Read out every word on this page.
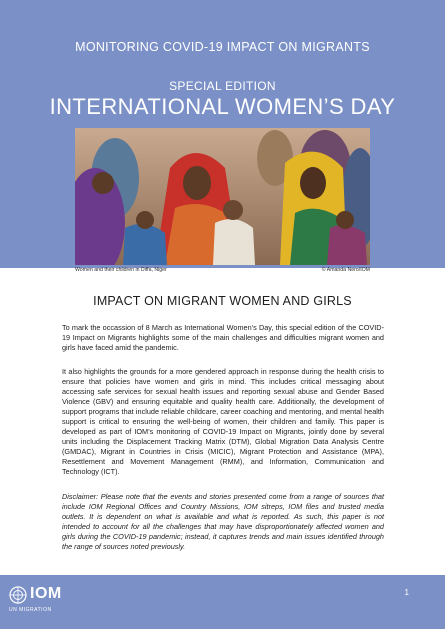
MONITORING COVID-19 IMPACT ON MIGRANTS
SPECIAL EDITION
INTERNATIONAL WOMEN’S DAY
Women and their children in Diffa, Niger	© Amanda Nero/IOM
IMPACT ON MIGRANT WOMEN AND GIRLS

To mark the occassion of 8 March as International Women’s Day, this special edition of the COVID-19 Impact on Migrants highlights some of the main challenges and difficulties migrant women and girls have faced amid the pandemic.

It also highlights the grounds for a more gendered approach in response during the health crisis to ensure that policies have women and girls in mind. This includes critical messaging about accessing safe services for sexual health issues and reporting sexual abuse and Gender Based Violence (GBV) and ensuring equitable and quality health care. Additionally, the development of support programs that include reliable childcare, career coaching and mentoring, and mental health support is critical to ensuring the well-being of women, their children and family. This paper is developed as part of IOM’s monitoring of COVID-19 Impact on Migrants, jointly done by several units including the Displacement Tracking Matrix (DTM), Global Migration Data Analysis Centre (GMDAC), Migrant in Countries in Crisis (MICIC), Migrant Protection and Assistance (MPA), Resettlement and Movement Management (RMM), and Information, Communication and Technology (ICT).

Disclaimer: Please note that the events and stories presented come from a range of sources that include IOM Regional Offices and Country Missions, IOM sitreps, IOM files and trusted media outlets. It is dependent on what is available and what is reported. As such, this paper is not intended to account for all the challenges that may have disproportionately affected women and girls during the COVID-19 pandemic; instead, it captures trends and main issues identified through the range of sources noted previously.

IOM
UN MIGRATION
1
